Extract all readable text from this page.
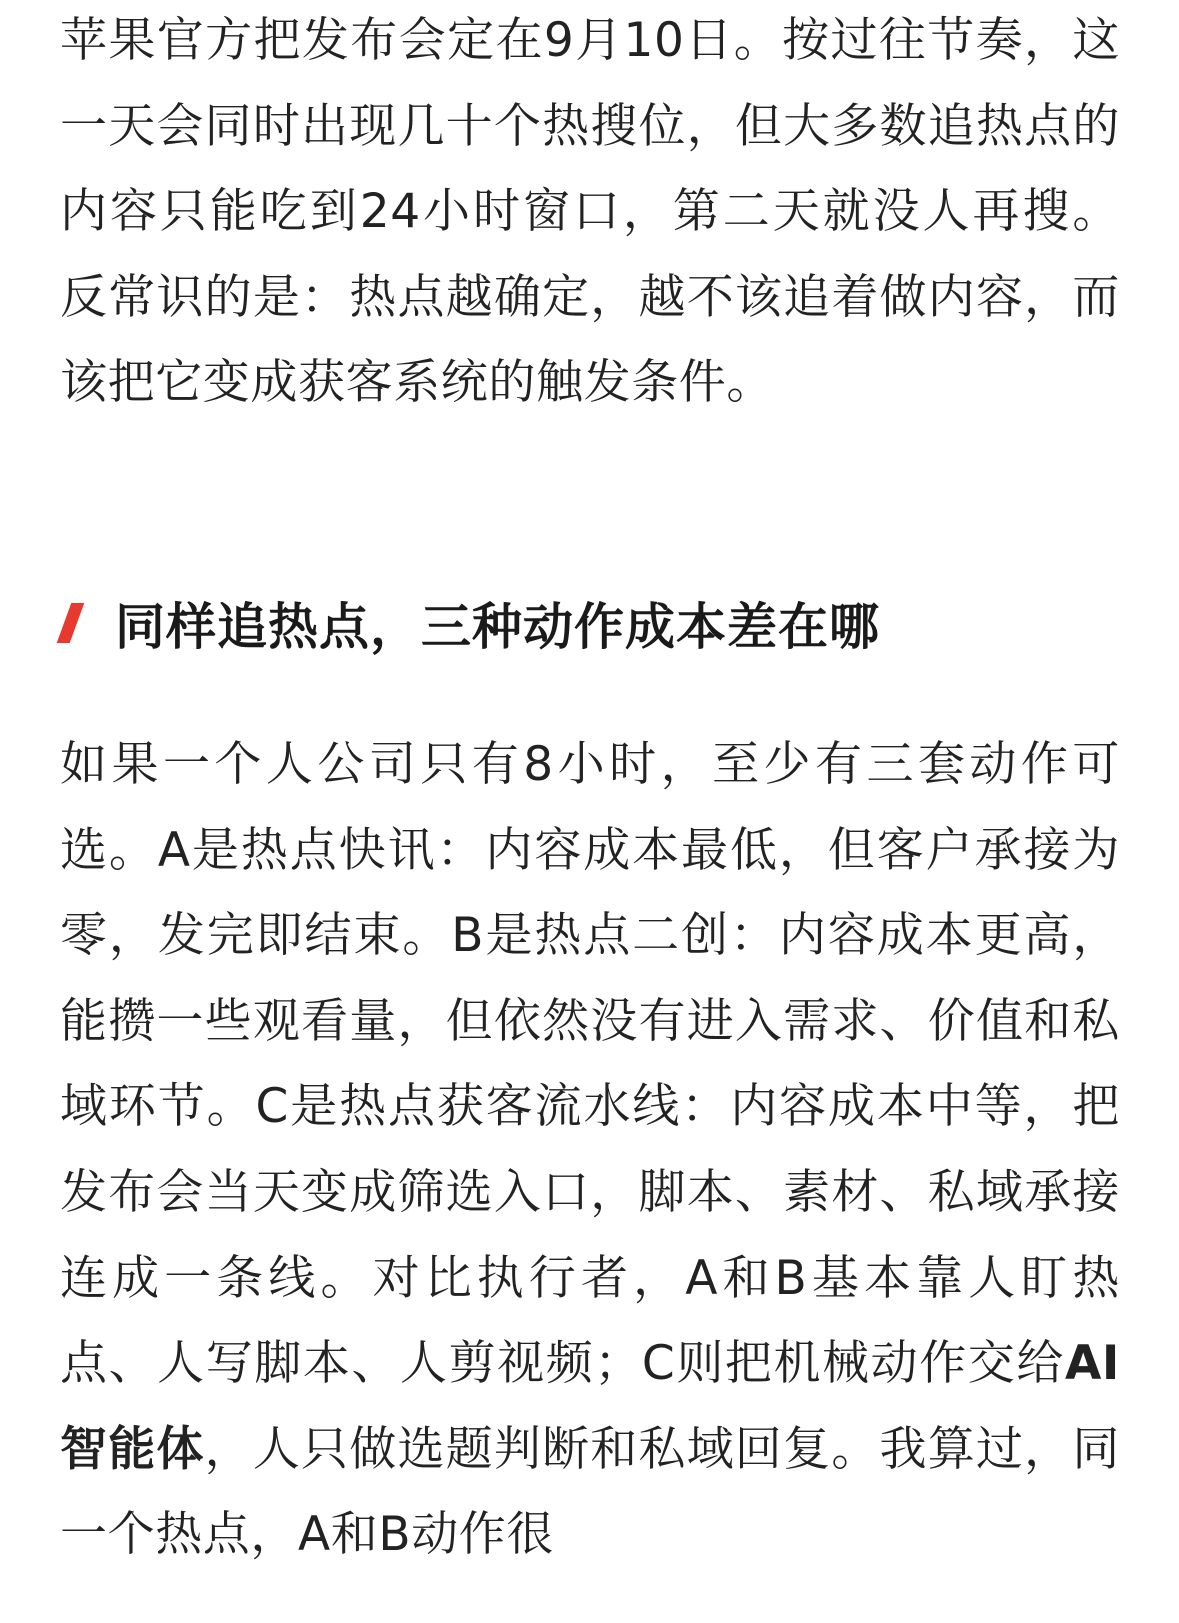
苹果官方把发布会定在9月10日。按过往节奏，这一天会同时出现几十个热搜位，但大多数追热点的内容只能吃到24小时窗口，第二天就没人再搜。反常识的是：热点越确定，越不该追着做内容，而该把它变成获客系统的触发条件。

同样追热点，三种动作成本差在哪

如果一个人公司只有8小时，至少有三套动作可选。A是热点快讯：内容成本最低，但客户承接为零，发完即结束。B是热点二创：内容成本更高，能攒一些观看量，但依然没有进入需求、价值和私域环节。C是热点获客流水线：内容成本中等，把发布会当天变成筛选入口，脚本、素材、私域承接连成一条线。对比执行者，A和B基本靠人盯热点、人写脚本、人剪视频；C则把机械动作交给AI 智能体，人只做选题判断和私域回复。我算过，同一个热点，A和B动作很
